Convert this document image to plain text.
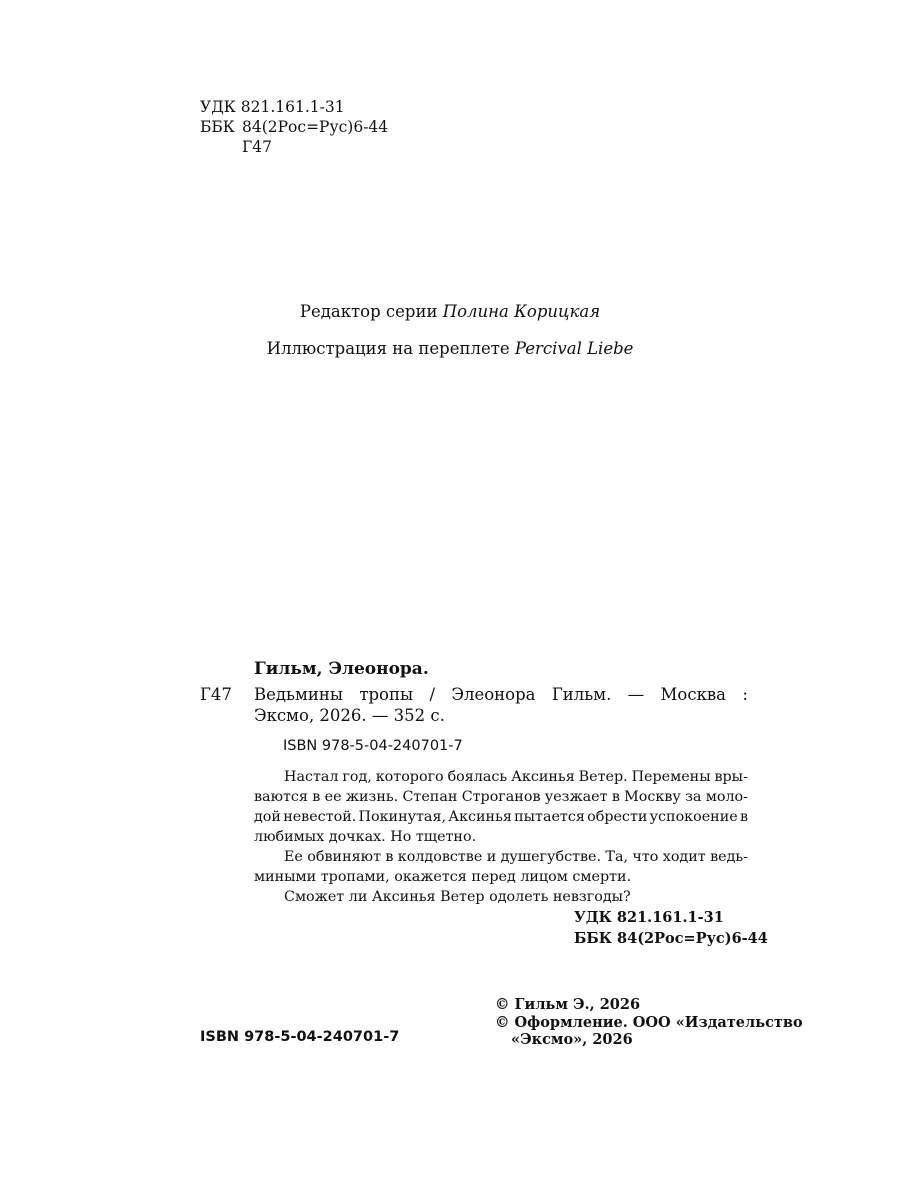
УДК
821.161.1-31
ББК 84(2Рос=Рус)6-44
Г47
Редактор серии Полина Корицкая
Иллюстрация на переплете Percival Liebe
Гильм, Элеонора.
Г47 Ведьмины тропы / Элеонора Гильм. — Москва :
Эксмо, 2026. — 352 с.
ISBN 978-5-04-240701-7
Настал год, которого боялась Аксинья Ветер. Перемены вры-
ваются в ее жизнь. Степан Строганов уезжает в Москву за моло-
дой невестой. Покинутая, Аксинья пытается обрести успокоение в
любимых дочках. Но тщетно.
Ее обвиняют в колдовстве и душегубстве. Та, что ходит ведь-
миными тропами, окажется перед лицом смерти.
Сможет ли Аксинья Ветер одолеть невзгоды?
УДК 821.161.1-31
ББК 84(2Рос=Рус)6-44
© Гильм Э., 2026
© Оформление. ООО «Издательство
«Эксмо», 2026
ISBN 978-5-04-240701-7
